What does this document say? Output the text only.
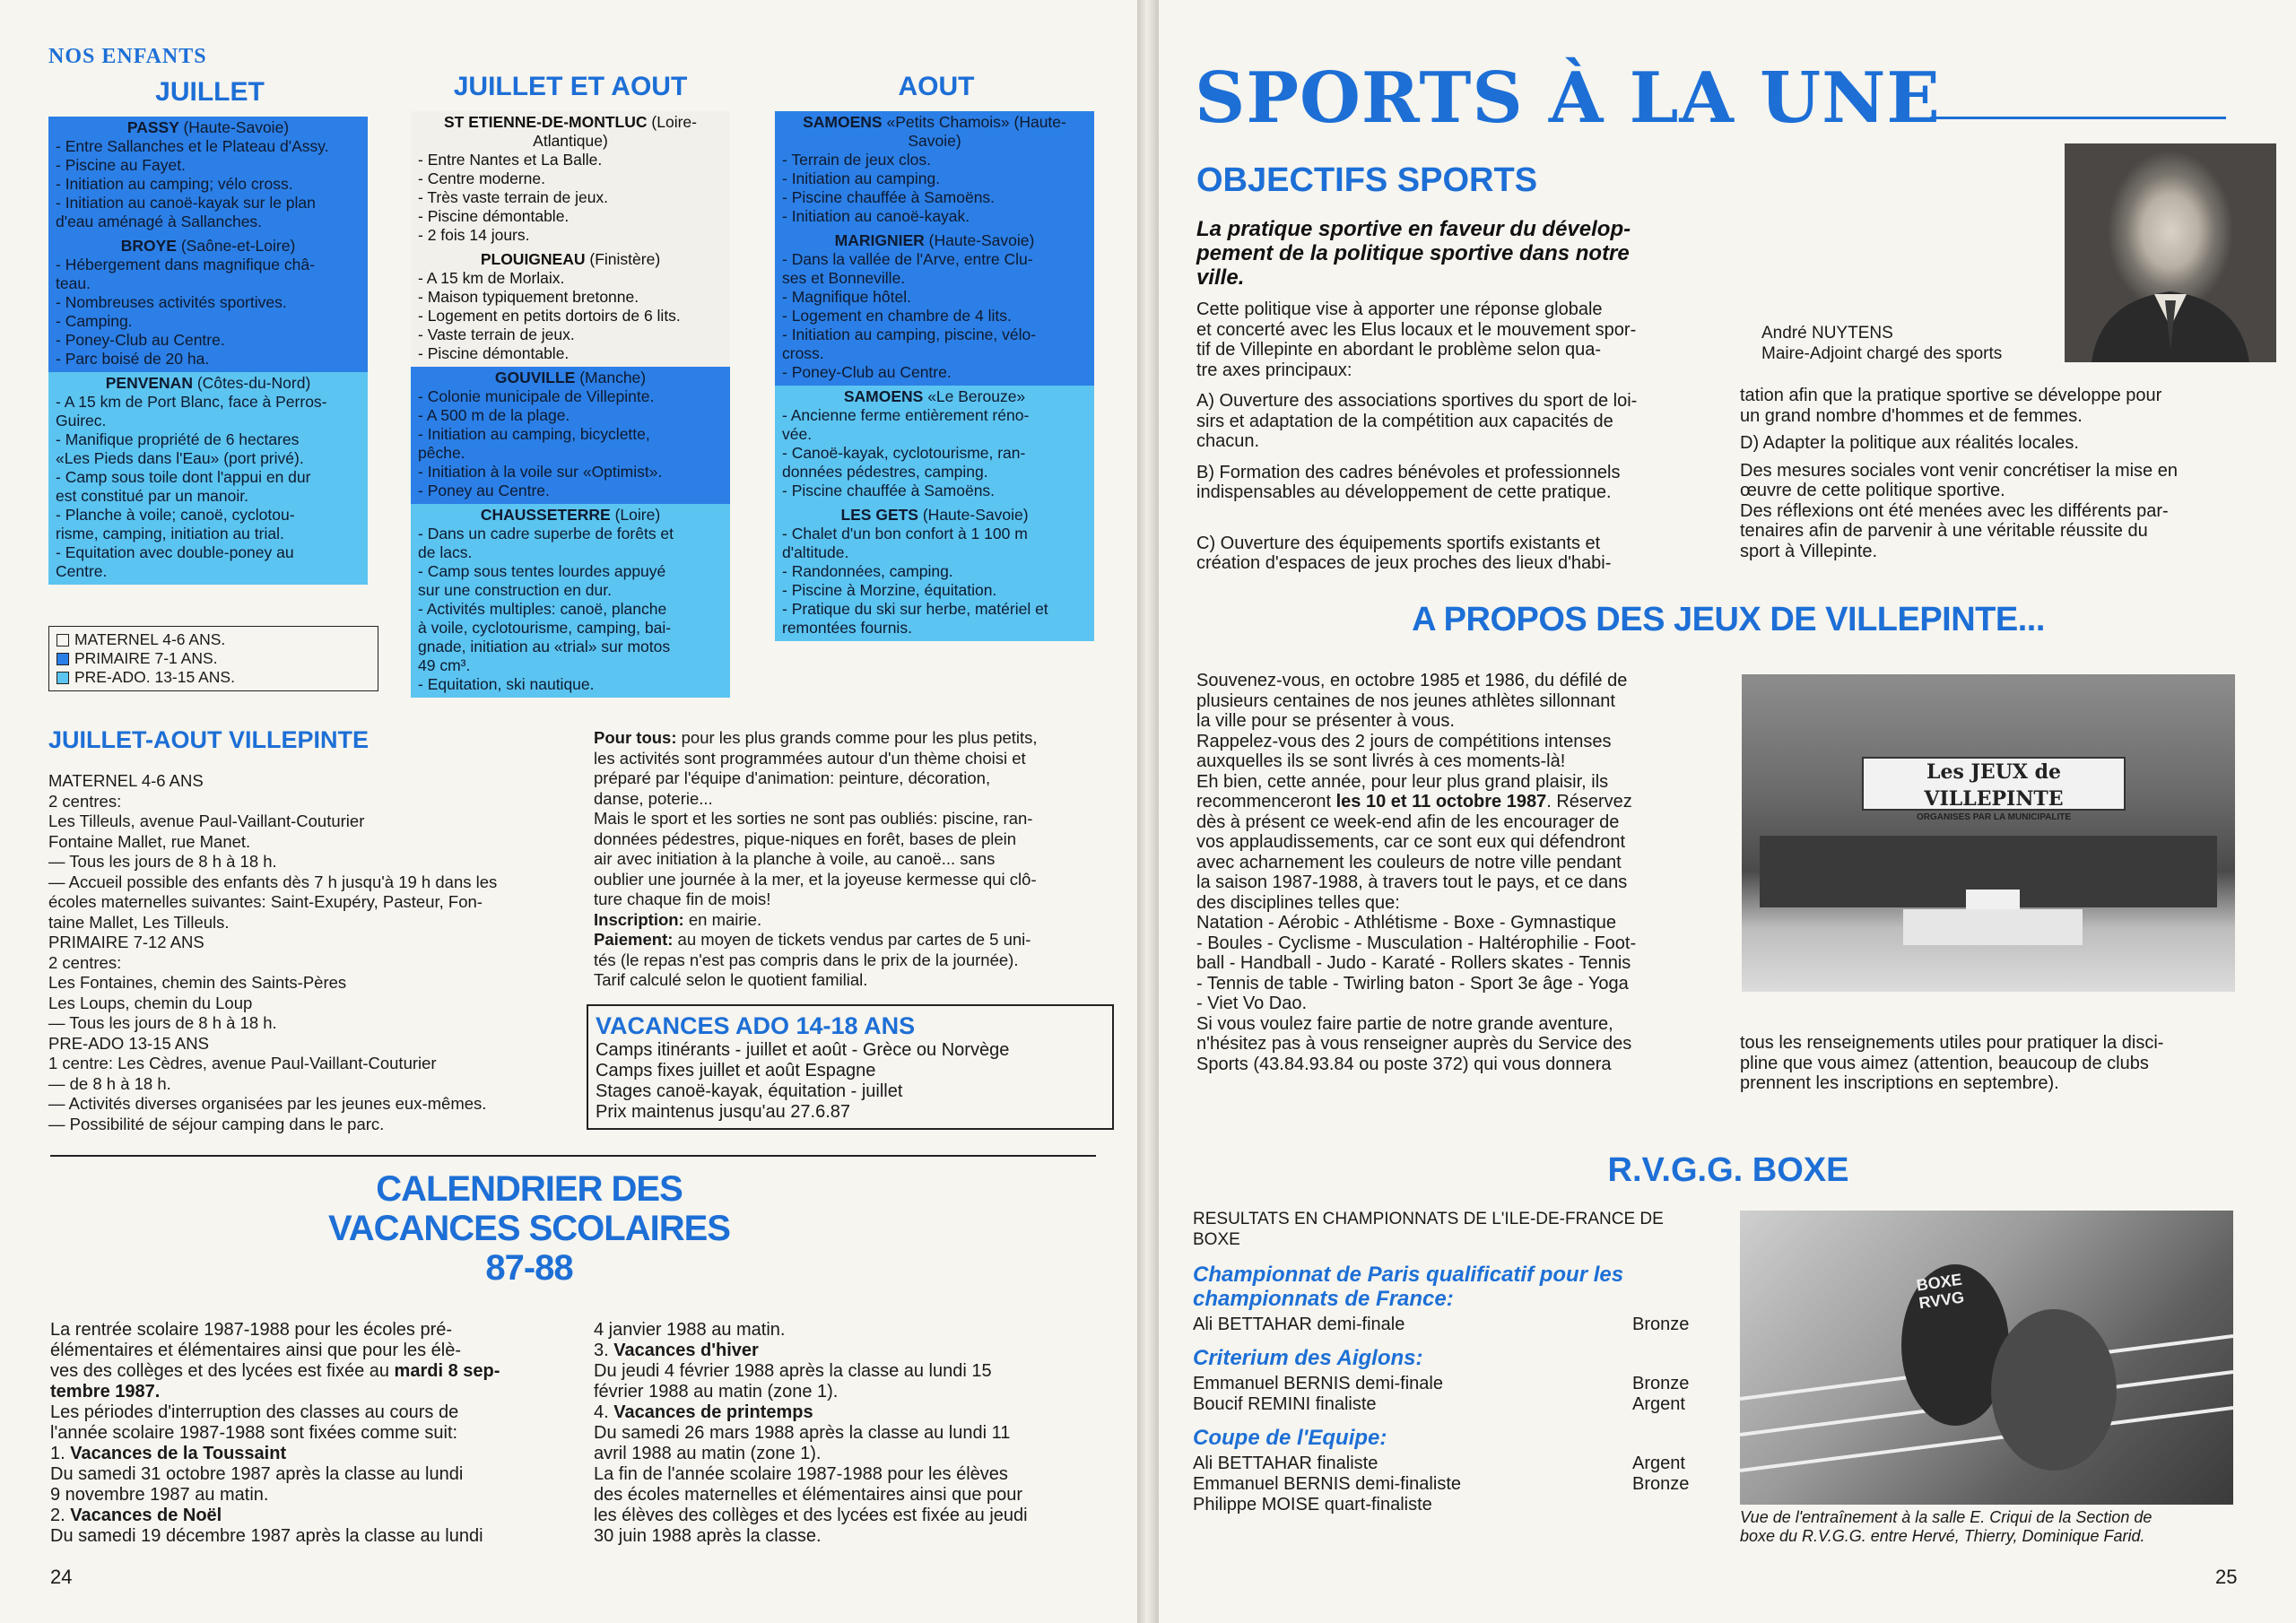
NOS ENFANTS
JUILLET	JUILLET ET AOUT	AOUT
PASSY (Haute-Savoie)
- Entre Sallanches et le Plateau d'Assy.
- Piscine au Fayet.
- Initiation au camping; vélo cross.
- Initiation au canoë-kayak sur le plan
d'eau aménagé à Sallanches.
BROYE (Saône-et-Loire)
- Hébergement dans magnifique châ-
teau.
- Nombreuses activités sportives.
- Camping.
- Poney-Club au Centre.
- Parc boisé de 20 ha.
PENVENAN (Côtes-du-Nord)
- A 15 km de Port Blanc, face à Perros-
Guirec.
- Manifique propriété de 6 hectares
«Les Pieds dans l'Eau» (port privé).
- Camp sous toile dont l'appui en dur
est constitué par un manoir.
- Planche à voile; canoë, cyclotou-
risme, camping, initiation au trial.
- Equitation avec double-poney au
Centre.
ST ETIENNE-DE-MONTLUC (Loire-Atlantique)
- Entre Nantes et La Balle.
- Centre moderne.
- Très vaste terrain de jeux.
- Piscine démontable.
- 2 fois 14 jours.
PLOUIGNEAU (Finistère)
- A 15 km de Morlaix.
- Maison typiquement bretonne.
- Logement en petits dortoirs de 6 lits.
- Vaste terrain de jeux.
- Piscine démontable.
GOUVILLE (Manche)
- Colonie municipale de Villepinte.
- A 500 m de la plage.
- Initiation au camping, bicyclette,
pêche.
- Initiation à la voile sur «Optimist».
- Poney au Centre.
CHAUSSETERRE (Loire)
- Dans un cadre superbe de forêts et
de lacs.
- Camp sous tentes lourdes appuyé
sur une construction en dur.
- Activités multiples: canoë, planche
à voile, cyclotourisme, camping, bai-
gnade, initiation au «trial» sur motos
49 cm³.
- Equitation, ski nautique.
SAMOENS «Petits Chamois» (Haute-Savoie)
- Terrain de jeux clos.
- Initiation au camping.
- Piscine chauffée à Samoëns.
- Initiation au canoë-kayak.
MARIGNIER (Haute-Savoie)
- Dans la vallée de l'Arve, entre Clu-
ses et Bonneville.
- Magnifique hôtel.
- Logement en chambre de 4 lits.
- Initiation au camping, piscine, vélo-
cross.
- Poney-Club au Centre.
SAMOENS «Le Berouze»
- Ancienne ferme entièrement réno-
vée.
- Canoë-kayak, cyclotourisme, ran-
données pédestres, camping.
- Piscine chauffée à Samoëns.
LES GETS (Haute-Savoie)
- Chalet d'un bon confort à 1 100 m
d'altitude.
- Randonnées, camping.
- Piscine à Morzine, équitation.
- Pratique du ski sur herbe, matériel et
remontées fournis.
MATERNEL 4-6 ANS.
PRIMAIRE 7-1 ANS.
PRE-ADO. 13-15 ANS.
JUILLET-AOUT VILLEPINTE
MATERNEL 4-6 ANS
2 centres:
Les Tilleuls, avenue Paul-Vaillant-Couturier
Fontaine Mallet, rue Manet.
— Tous les jours de 8 h à 18 h.
— Accueil possible des enfants dès 7 h jusqu'à 19 h dans les
écoles maternelles suivantes: Saint-Exupéry, Pasteur, Fon-
taine Mallet, Les Tilleuls.
PRIMAIRE 7-12 ANS
2 centres:
Les Fontaines, chemin des Saints-Pères
Les Loups, chemin du Loup
— Tous les jours de 8 h à 18 h.
PRE-ADO 13-15 ANS
1 centre: Les Cèdres, avenue Paul-Vaillant-Couturier
— de 8 h à 18 h.
— Activités diverses organisées par les jeunes eux-mêmes.
— Possibilité de séjour camping dans le parc.

Pour tous: pour les plus grands comme pour les plus petits,

les activités sont programmées autour d'un thème choisi et
préparé par l'équipe d'animation: peinture, décoration,
danse, poterie...
Mais le sport et les sorties ne sont pas oubliés: piscine, ran-
données pédestres, pique-niques en forêt, bases de plein
air avec initiation à la planche à voile, au canoë... sans
oublier une journée à la mer, et la joyeuse kermesse qui clô-
ture chaque fin de mois!

Inscription: en mairie.

Paiement: au moyen de tickets vendus par cartes de 5 uni-

tés (le repas n'est pas compris dans le prix de la journée).
Tarif calculé selon le quotient familial.
VACANCES ADO 14-18 ANS
Camps itinérants - juillet et août - Grèce ou Norvège
Camps fixes juillet et août Espagne
Stages canoë-kayak, équitation - juillet
Prix maintenus jusqu'au 27.6.87
CALENDRIER DES
VACANCES SCOLAIRES
87-88
La rentrée scolaire 1987-1988 pour les écoles pré-
élémentaires et élémentaires ainsi que pour les élè-
ves des collèges et des lycées est fixée au mardi 8 sep-
tembre 1987.
Les périodes d'interruption des classes au cours de
l'année scolaire 1987-1988 sont fixées comme suit:
1. Vacances de la Toussaint
Du samedi 31 octobre 1987 après la classe au lundi
9 novembre 1987 au matin.
2. Vacances de Noël
Du samedi 19 décembre 1987 après la classe au lundi
4 janvier 1988 au matin.
3. Vacances d'hiver
Du jeudi 4 février 1988 après la classe au lundi 15
février 1988 au matin (zone 1).
4. Vacances de printemps
Du samedi 26 mars 1988 après la classe au lundi 11
avril 1988 au matin (zone 1).
La fin de l'année scolaire 1987-1988 pour les élèves
des écoles maternelles et élémentaires ainsi que pour
les élèves des collèges et des lycées est fixée au jeudi
30 juin 1988 après la classe.
24
SPORTS À LA UNE
OBJECTIFS SPORTS
La pratique sportive en faveur du dévelop-
pement de la politique sportive dans notre
ville.
André NUYTENS
Maire-Adjoint chargé des sports
Cette politique vise à apporter une réponse globale
et concerté avec les Elus locaux et le mouvement spor-
tif de Villepinte en abordant le problème selon qua-
tre axes principaux:
A) Ouverture des associations sportives du sport de loi-
sirs et adaptation de la compétition aux capacités de
chacun.
B) Formation des cadres bénévoles et professionnels
indispensables au développement de cette pratique.
C) Ouverture des équipements sportifs existants et
création d'espaces de jeux proches des lieux d'habi-
tation afin que la pratique sportive se développe pour
un grand nombre d'hommes et de femmes.
D) Adapter la politique aux réalités locales.
Des mesures sociales vont venir concrétiser la mise en
œuvre de cette politique sportive.
Des réflexions ont été menées avec les différents par-
tenaires afin de parvenir à une véritable réussite du
sport à Villepinte.
A PROPOS DES JEUX DE VILLEPINTE...
Souvenez-vous, en octobre 1985 et 1986, du défilé de
plusieurs centaines de nos jeunes athlètes sillonnant
la ville pour se présenter à vous.
Rappelez-vous des 2 jours de compétitions intenses
auxquelles ils se sont livrés à ces moments-là!
Eh bien, cette année, pour leur plus grand plaisir, ils
recommenceront les 10 et 11 octobre 1987. Réservez
dès à présent ce week-end afin de les encourager de
vos applaudissements, car ce sont eux qui défendront
avec acharnement les couleurs de notre ville pendant
la saison 1987-1988, à travers tout le pays, et ce dans
des disciplines telles que:
Natation - Aérobic - Athlétisme - Boxe - Gymnastique
- Boules - Cyclisme - Musculation - Haltérophilie - Foot-
ball - Handball - Judo - Karaté - Rollers skates - Tennis
- Tennis de table - Twirling baton - Sport 3e âge - Yoga
- Viet Vo Dao.
Si vous voulez faire partie de notre grande aventure,
n'hésitez pas à vous renseigner auprès du Service des
Sports (43.84.93.84 ou poste 372) qui vous donnera
Les JEUX de VILLEPINTE
ORGANISES PAR LA MUNICIPALITE
tous les renseignements utiles pour pratiquer la disci-
pline que vous aimez (attention, beaucoup de clubs
prennent les inscriptions en septembre).
R.V.G.G. BOXE
RESULTATS EN CHAMPIONNATS DE L'ILE-DE-FRANCE DE
BOXE
Championnat de Paris qualificatif pour les
championnats de France:
Ali BETTAHAR demi-finale	Bronze
Criterium des Aiglons:
Emmanuel BERNIS demi-finale	Bronze
Boucif REMINI finaliste	Argent
Coupe de l'Equipe:
Ali BETTAHAR finaliste	Argent
Emmanuel BERNIS demi-finaliste	Bronze
Philippe MOISE quart-finaliste
BOXE
RVVG
Vue de l'entraînement à la salle E. Criqui de la Section de
boxe du R.V.G.G. entre Hervé, Thierry, Dominique Farid.
25
